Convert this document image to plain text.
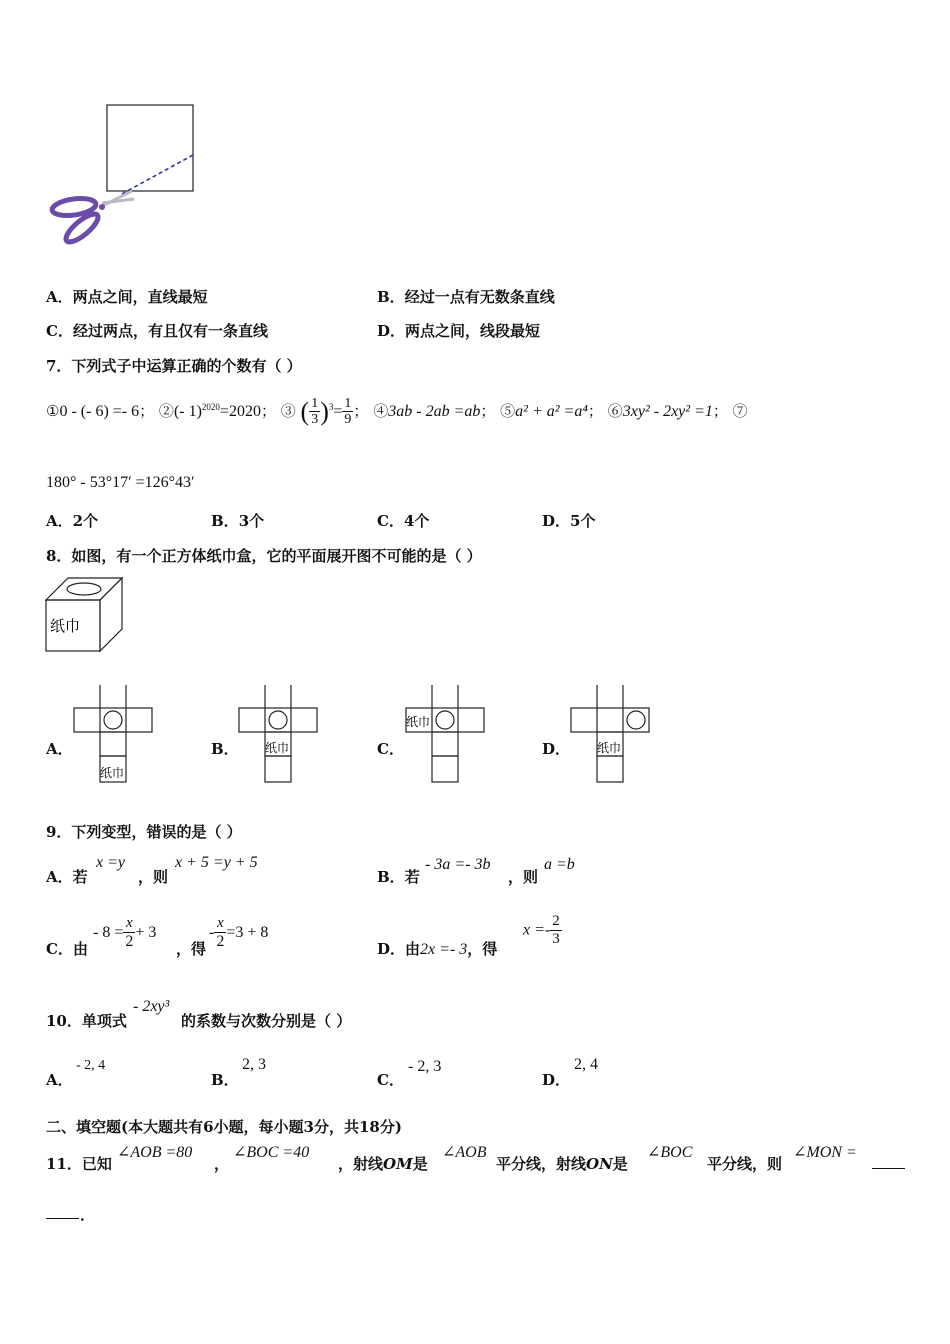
A．两点之间，直线最短	B．经过一点有无数条直线
C．经过两点，有且仅有一条直线	D．两点之间，线段最短
7．下列式子中运算正确的个数有（ ）
①0 - (- 6) =- 6； ②(- 1)$^{2020}$=2020； ③ ( $\frac{1}{3} )^3= \frac{1}{9}$ ； ④3ab - 2ab =ab； ⑤a² + a² =a⁴； ⑥3xy² - 2xy² =1； ⑦
180° - 53°17′ =126°43′
A．2个	B．3个	C．4个	D．5个
8．如图，有一个正方体纸巾盒，它的平面展开图不可能的是（ ）
纸巾
A．
纸巾
B． 纸巾	C．
纸巾
D． 纸巾
9．下列变型，错误的是（ ）
A．若
x =y
，则
x + 5 =y + 5
B．若
- 3a =- 3b
，则
a =b
C．由
- $8 = \frac{x}{2} + 3$
，得
- $\frac{x}{2} =3 + 8$
D．由2x =- 3，得
$x =- \frac{2}{3}$
10．单项式
- 2xy³
的系数与次数分别是（ ）
A．
- 2, 4
B．
2, 3
C．
- 2, 3
D．
2, 4
二、填空题(本大题共有6小题，每小题3分，共18分)
11．已知
∠AOB =80
，
∠BOC =40
，射线OM是
∠AOB
平分线，射线ON是
∠BOC
平分线，则
∠MON =
．
